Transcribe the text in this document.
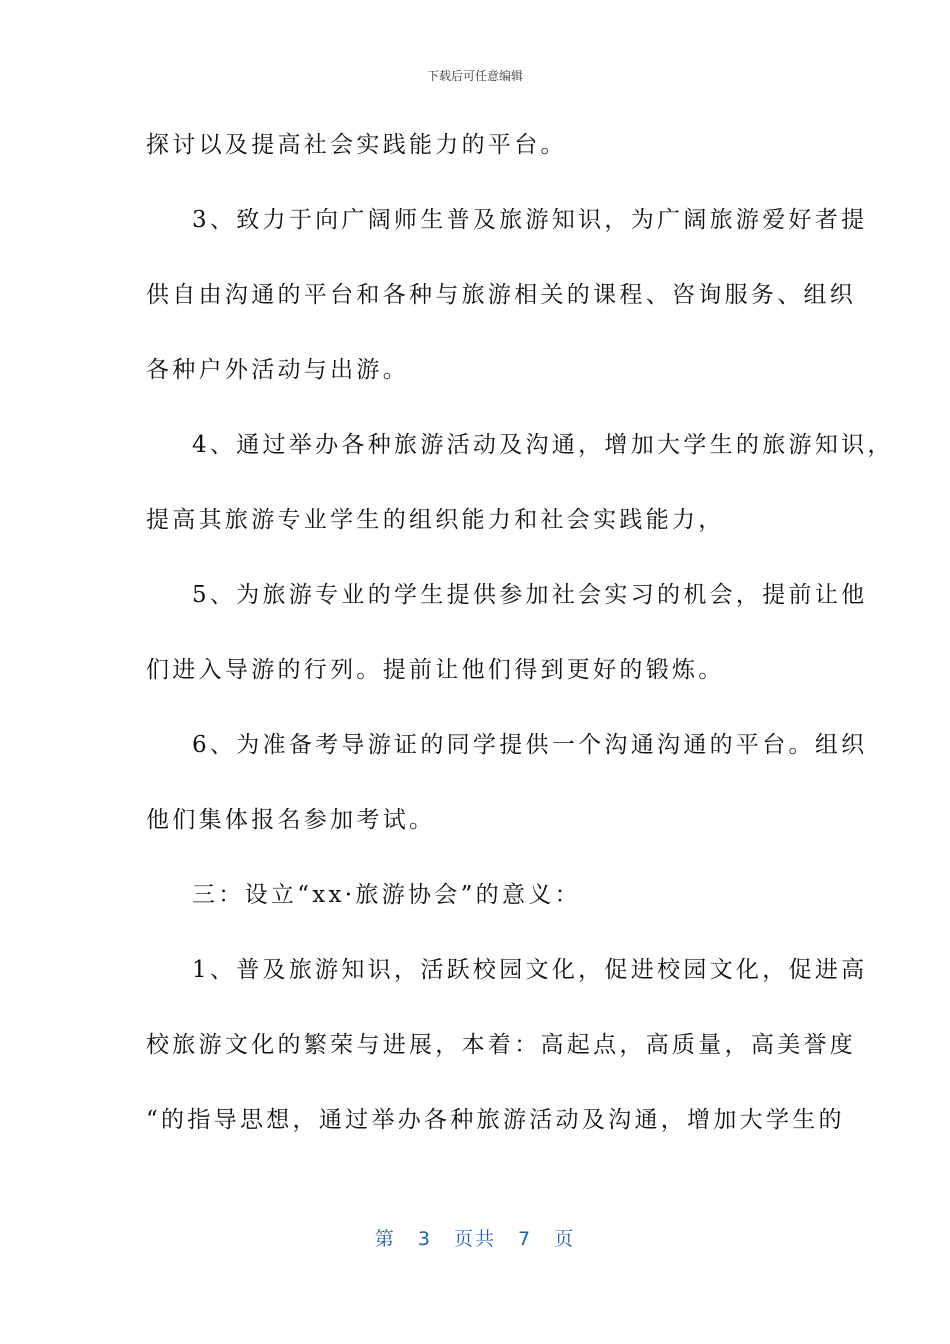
下载后可任意编辑
探讨以及提高社会实践能力的平台。
3、致力于向广阔师生普及旅游知识，为广阔旅游爱好者提
供自由沟通的平台和各种与旅游相关的课程、咨询服务、组织
各种户外活动与出游。
4、通过举办各种旅游活动及沟通，增加大学生的旅游知识，
提高其旅游专业学生的组织能力和社会实践能力，
5、为旅游专业的学生提供参加社会实习的机会，提前让他
们进入导游的行列。提前让他们得到更好的锻炼。
6、为准备考导游证的同学提供一个沟通沟通的平台。组织
他们集体报名参加考试。
三：设立“xx·旅游协会”的意义：
1、普及旅游知识，活跃校园文化，促进校园文化，促进高
校旅游文化的繁荣与进展，本着：高起点，高质量，高美誉度
“的指导思想，通过举办各种旅游活动及沟通，增加大学生的
第 3 页共 7 页
